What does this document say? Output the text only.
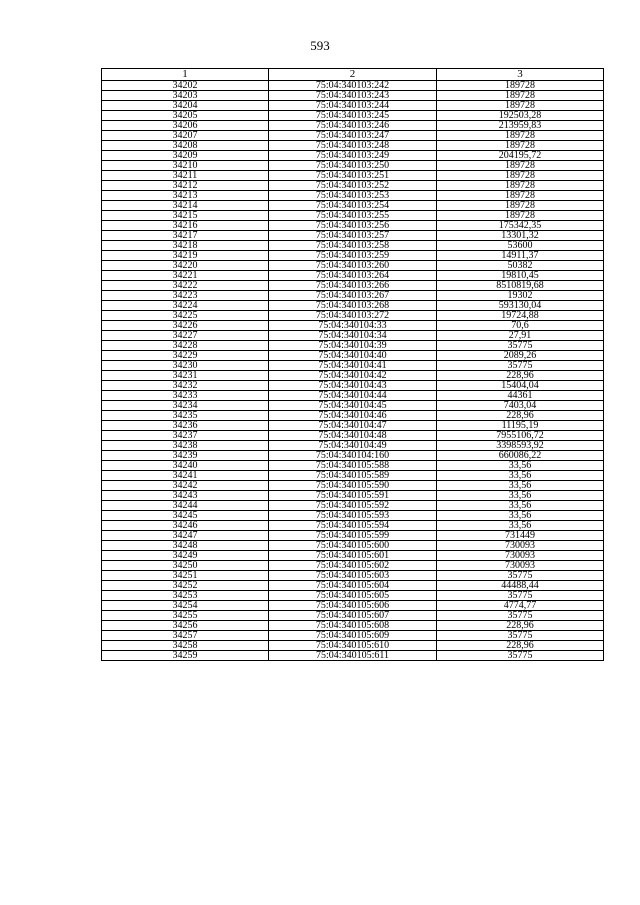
593
1	2	3
34202	75:04:340103:242	189728
34203	75:04:340103:243	189728
34204	75:04:340103:244	189728
34205	75:04:340103:245	192503,28
34206	75:04:340103:246	213959,83
34207	75:04:340103:247	189728
34208	75:04:340103:248	189728
34209	75:04:340103:249	204195,72
34210	75:04:340103:250	189728
34211	75:04:340103:251	189728
34212	75:04:340103:252	189728
34213	75:04:340103:253	189728
34214	75:04:340103:254	189728
34215	75:04:340103:255	189728
34216	75:04:340103:256	175342,35
34217	75:04:340103:257	13301,32
34218	75:04:340103:258	53600
34219	75:04:340103:259	14911,37
34220	75:04:340103:260	50382
34221	75:04:340103:264	19810,45
34222	75:04:340103:266	8510819,68
34223	75:04:340103:267	19302
34224	75:04:340103:268	593130,04
34225	75:04:340103:272	19724,88
34226	75:04:340104:33	70,6
34227	75:04:340104:34	27,91
34228	75:04:340104:39	35775
34229	75:04:340104:40	2089,26
34230	75:04:340104:41	35775
34231	75:04:340104:42	228,96
34232	75:04:340104:43	15404,04
34233	75:04:340104:44	44361
34234	75:04:340104:45	7403,04
34235	75:04:340104:46	228,96
34236	75:04:340104:47	11195,19
34237	75:04:340104:48	7955106,72
34238	75:04:340104:49	3398593,92
34239	75:04:340104:160	660086,22
34240	75:04:340105:588	33,56
34241	75:04:340105:589	33,56
34242	75:04:340105:590	33,56
34243	75:04:340105:591	33,56
34244	75:04:340105:592	33,56
34245	75:04:340105:593	33,56
34246	75:04:340105:594	33,56
34247	75:04:340105:599	731449
34248	75:04:340105:600	730093
34249	75:04:340105:601	730093
34250	75:04:340105:602	730093
34251	75:04:340105:603	35775
34252	75:04:340105:604	44488,44
34253	75:04:340105:605	35775
34254	75:04:340105:606	4774,77
34255	75:04:340105:607	35775
34256	75:04:340105:608	228,96
34257	75:04:340105:609	35775
34258	75:04:340105:610	228,96
34259	75:04:340105:611	35775
